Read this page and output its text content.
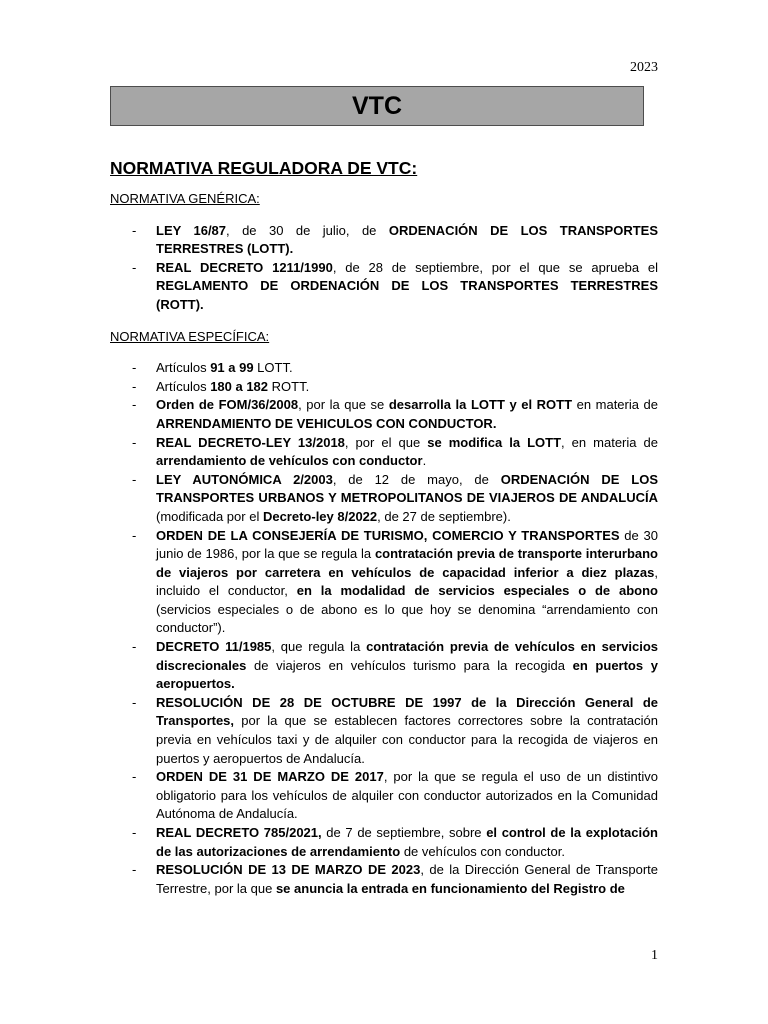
2023
VTC
NORMATIVA REGULADORA DE VTC:
NORMATIVA GENÉRICA:
- LEY 16/87, de 30 de julio, de ORDENACIÓN DE LOS TRANSPORTES TERRESTRES (LOTT).
- REAL DECRETO 1211/1990, de 28 de septiembre, por el que se aprueba el REGLAMENTO DE ORDENACIÓN DE LOS TRANSPORTES TERRESTRES (ROTT).
NORMATIVA ESPECÍFICA:
- Artículos 91 a 99 LOTT.
- Artículos 180 a 182 ROTT.
- Orden de FOM/36/2008, por la que se desarrolla la LOTT y el ROTT en materia de ARRENDAMIENTO DE VEHICULOS CON CONDUCTOR.
- REAL DECRETO-LEY 13/2018, por el que se modifica la LOTT, en materia de arrendamiento de vehículos con conductor.
- LEY AUTONÓMICA 2/2003, de 12 de mayo, de ORDENACIÓN DE LOS TRANSPORTES URBANOS Y METROPOLITANOS DE VIAJEROS DE ANDALUCÍA (modificada por el Decreto-ley 8/2022, de 27 de septiembre).
- ORDEN DE LA CONSEJERÍA DE TURISMO, COMERCIO Y TRANSPORTES de 30 junio de 1986, por la que se regula la contratación previa de transporte interurbano de viajeros por carretera en vehículos de capacidad inferior a diez plazas, incluido el conductor, en la modalidad de servicios especiales o de abono (servicios especiales o de abono es lo que hoy se denomina “arrendamiento con conductor”).
- DECRETO 11/1985, que regula la contratación previa de vehículos en servicios discrecionales de viajeros en vehículos turismo para la recogida en puertos y aeropuertos.
- RESOLUCIÓN DE 28 DE OCTUBRE DE 1997 de la Dirección General de Transportes, por la que se establecen factores correctores sobre la contratación previa en vehículos taxi y de alquiler con conductor para la recogida de viajeros en puertos y aeropuertos de Andalucía.
- ORDEN DE 31 DE MARZO DE 2017, por la que se regula el uso de un distintivo obligatorio para los vehículos de alquiler con conductor autorizados en la Comunidad Autónoma de Andalucía.
- REAL DECRETO 785/2021, de 7 de septiembre, sobre el control de la explotación de las autorizaciones de arrendamiento de vehículos con conductor.
- RESOLUCIÓN DE 13 DE MARZO DE 2023, de la Dirección General de Transporte Terrestre, por la que se anuncia la entrada en funcionamiento del Registro de
1
